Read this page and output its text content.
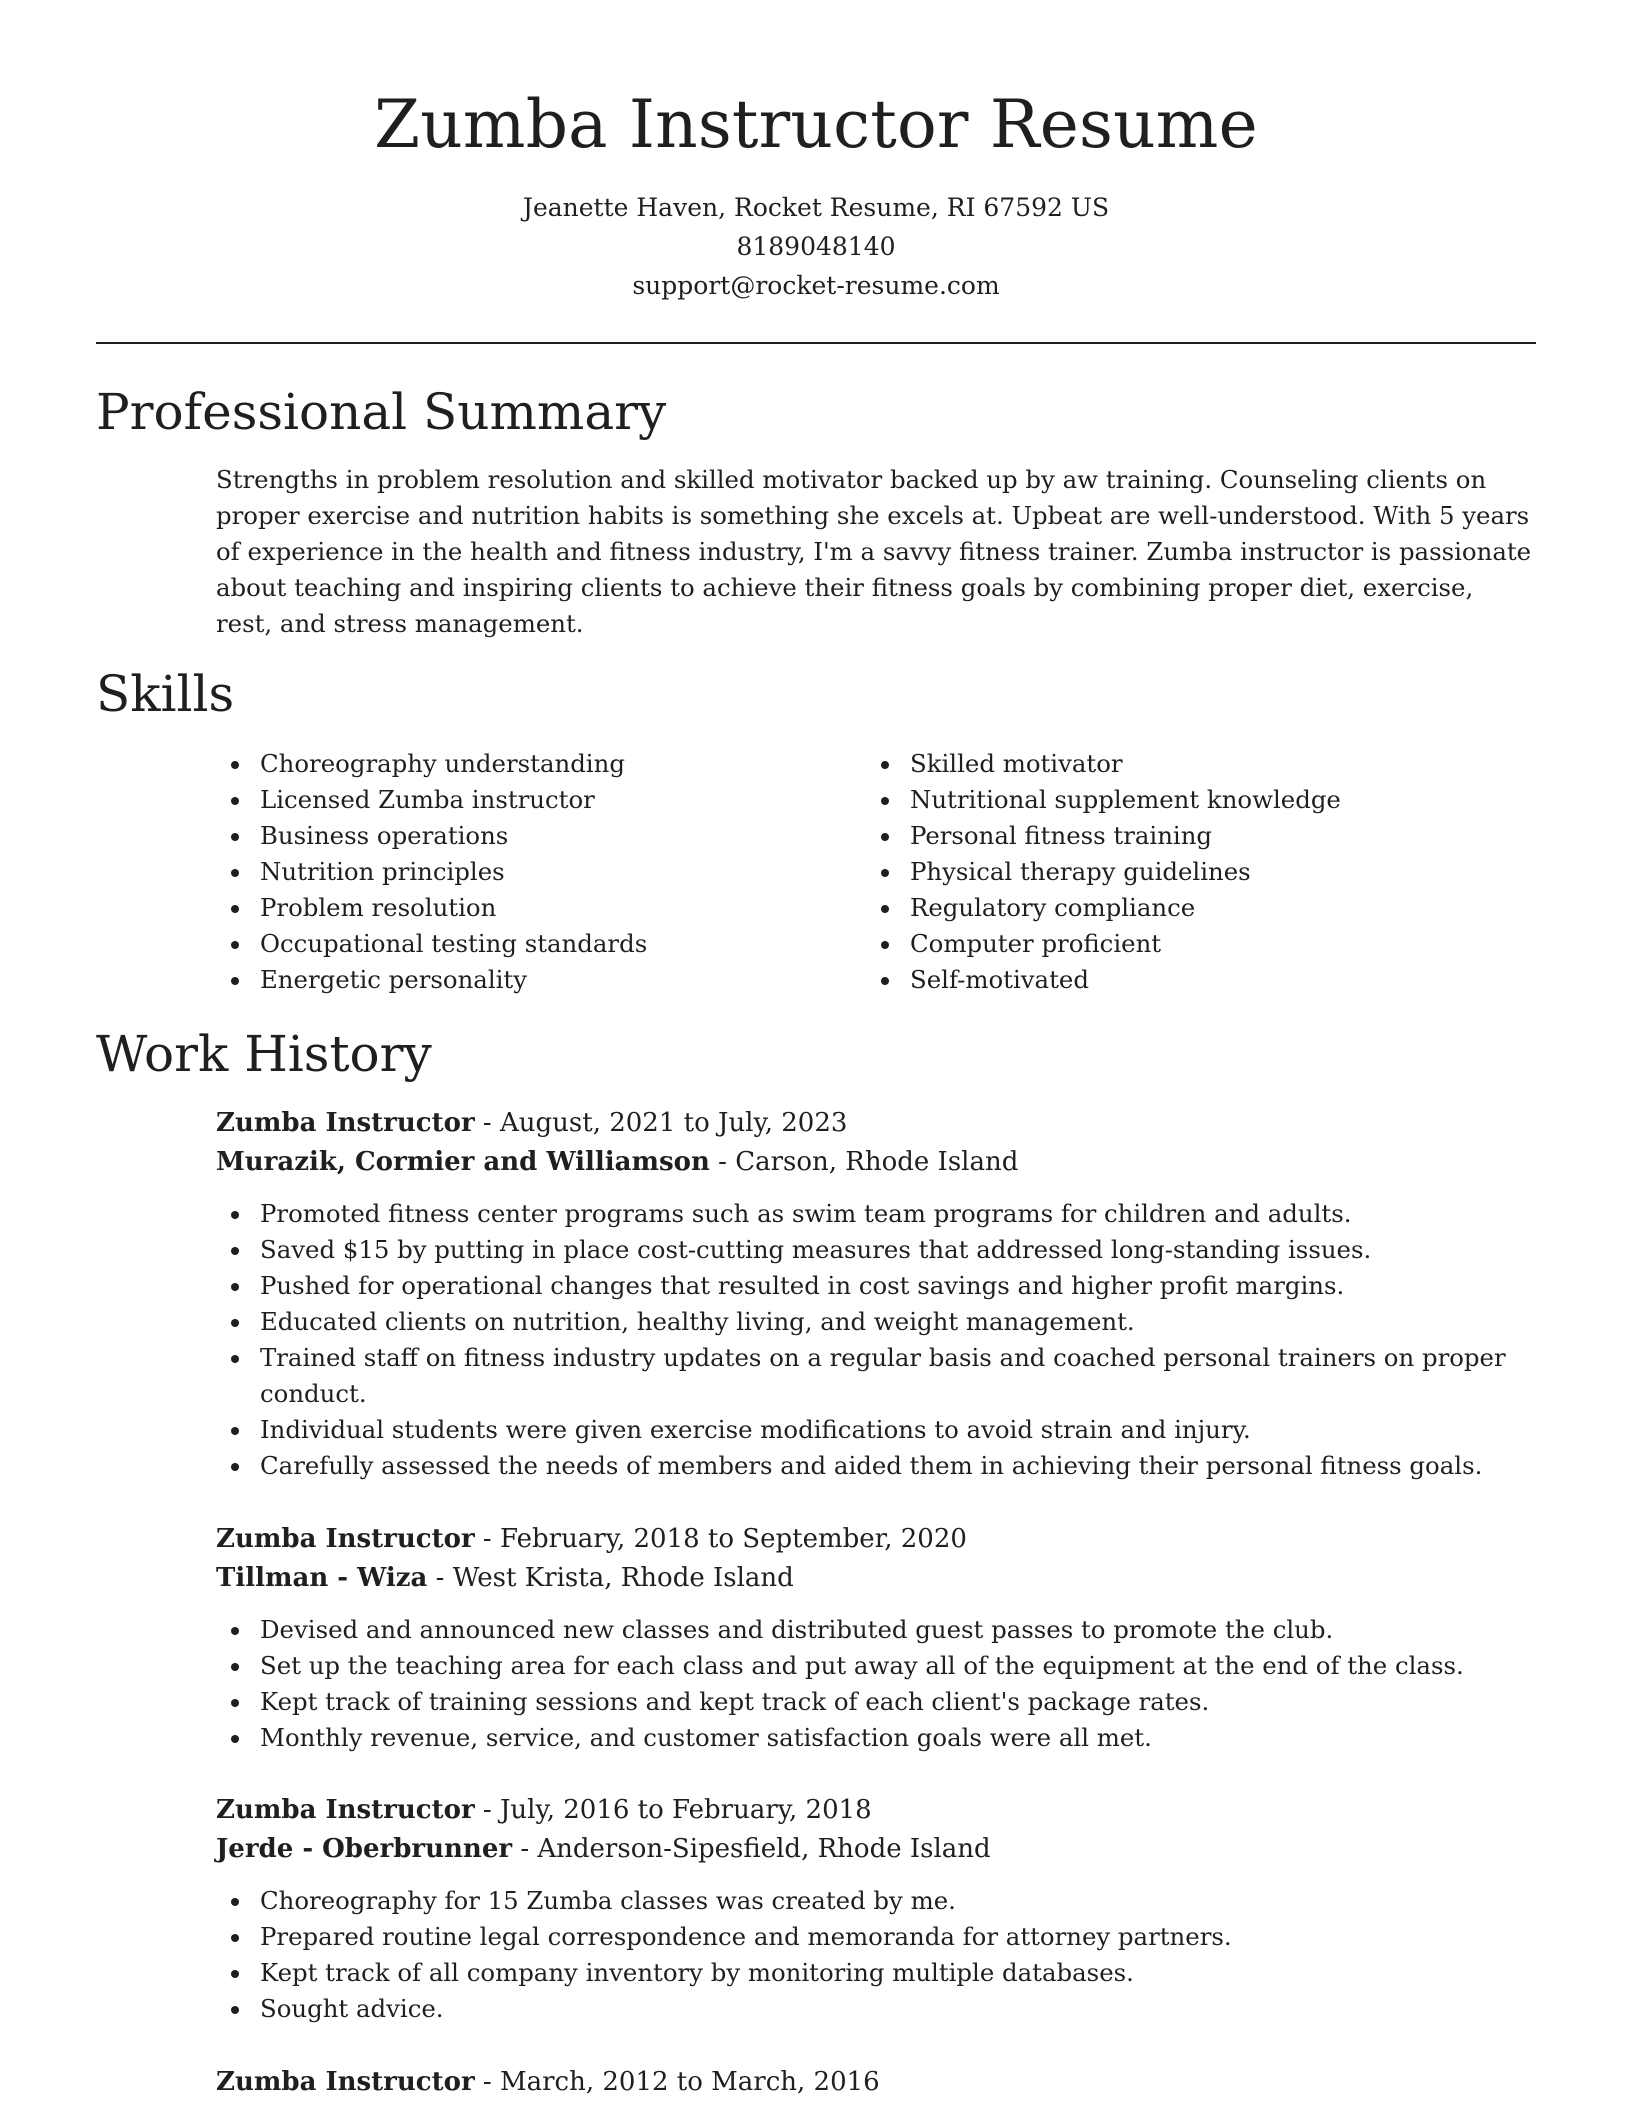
Zumba Instructor Resume
Jeanette Haven, Rocket Resume, RI 67592 US
8189048140
support@rocket-resume.com
Professional Summary

Strengths in problem resolution and skilled motivator backed up by aw training. Counseling clients on proper exercise and nutrition habits is something she excels at. Upbeat are well-understood. With 5 years of experience in the health and fitness industry, I'm a savvy fitness trainer. Zumba instructor is passionate about teaching and inspiring clients to achieve their fitness goals by combining proper diet, exercise, rest, and stress management.

Skills
Choreography understanding
Licensed Zumba instructor
Business operations
Nutrition principles
Problem resolution
Occupational testing standards
Energetic personality
Skilled motivator
Nutritional supplement knowledge
Personal fitness training
Physical therapy guidelines
Regulatory compliance
Computer proficient
Self-motivated
Work History

Zumba Instructor - August, 2021 to July, 2023

Murazik, Cormier and Williamson - Carson, Rhode Island

Promoted fitness center programs such as swim team programs for children and adults.
Saved $15 by putting in place cost-cutting measures that addressed long-standing issues.
Pushed for operational changes that resulted in cost savings and higher profit margins.
Educated clients on nutrition, healthy living, and weight management.
Trained staff on fitness industry updates on a regular basis and coached personal trainers on proper conduct.
Individual students were given exercise modifications to avoid strain and injury.
Carefully assessed the needs of members and aided them in achieving their personal fitness goals.

Zumba Instructor - February, 2018 to September, 2020

Tillman - Wiza - West Krista, Rhode Island

Devised and announced new classes and distributed guest passes to promote the club.
Set up the teaching area for each class and put away all of the equipment at the end of the class.
Kept track of training sessions and kept track of each client's package rates.
Monthly revenue, service, and customer satisfaction goals were all met.

Zumba Instructor - July, 2016 to February, 2018

Jerde - Oberbrunner - Anderson-Sipesfield, Rhode Island

Choreography for 15 Zumba classes was created by me.
Prepared routine legal correspondence and memoranda for attorney partners.
Kept track of all company inventory by monitoring multiple databases.
Sought advice.

Zumba Instructor - March, 2012 to March, 2016
